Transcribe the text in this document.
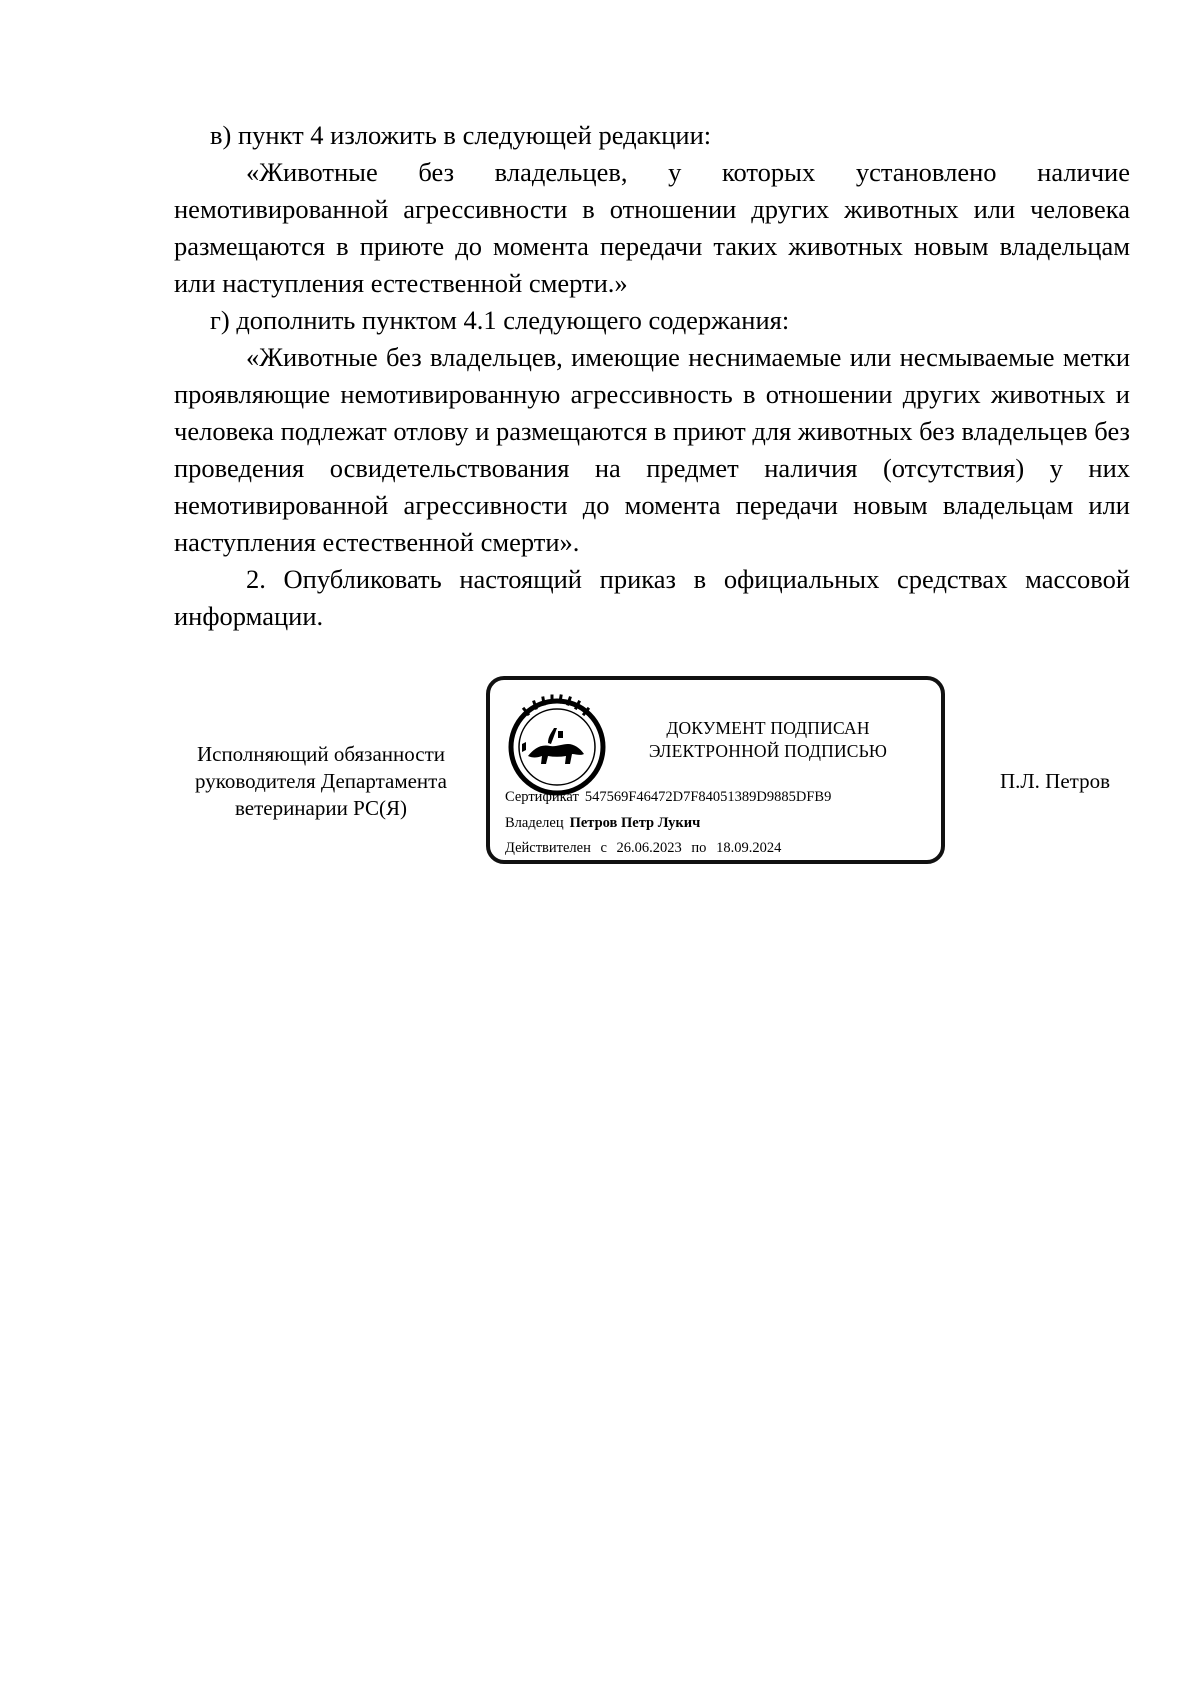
в) пункт 4 изложить в следующей редакции:

«Животные без владельцев, у которых установлено наличие немотивированной агрессивности в отношении других животных или человека размещаются в приюте до момента передачи таких животных новым владельцам или наступления естественной смерти.»

г) дополнить пунктом 4.1 следующего содержания:

«Животные без владельцев, имеющие неснимаемые или несмываемые метки проявляющие немотивированную агрессивность в отношении других животных и человека подлежат отлову и размещаются в приют для животных без владельцев без проведения освидетельствования на предмет наличия (отсутствия) у них немотивированной агрессивности до момента передачи новым владельцам или наступления естественной смерти».

2. Опубликовать настоящий приказ в официальных средствах массовой информации.

Исполняющий обязанности
руководителя Департамента
ветеринарии РС(Я)
ДОКУМЕНТ ПОДПИСАН
ЭЛЕКТРОННОЙ ПОДПИСЬЮ
Сертификат 547569F46472D7F84051389D9885DFB9
Владелец Петров Петр Лукич
Действителен с 26.06.2023 по 18.09.2024
П.Л. Петров
